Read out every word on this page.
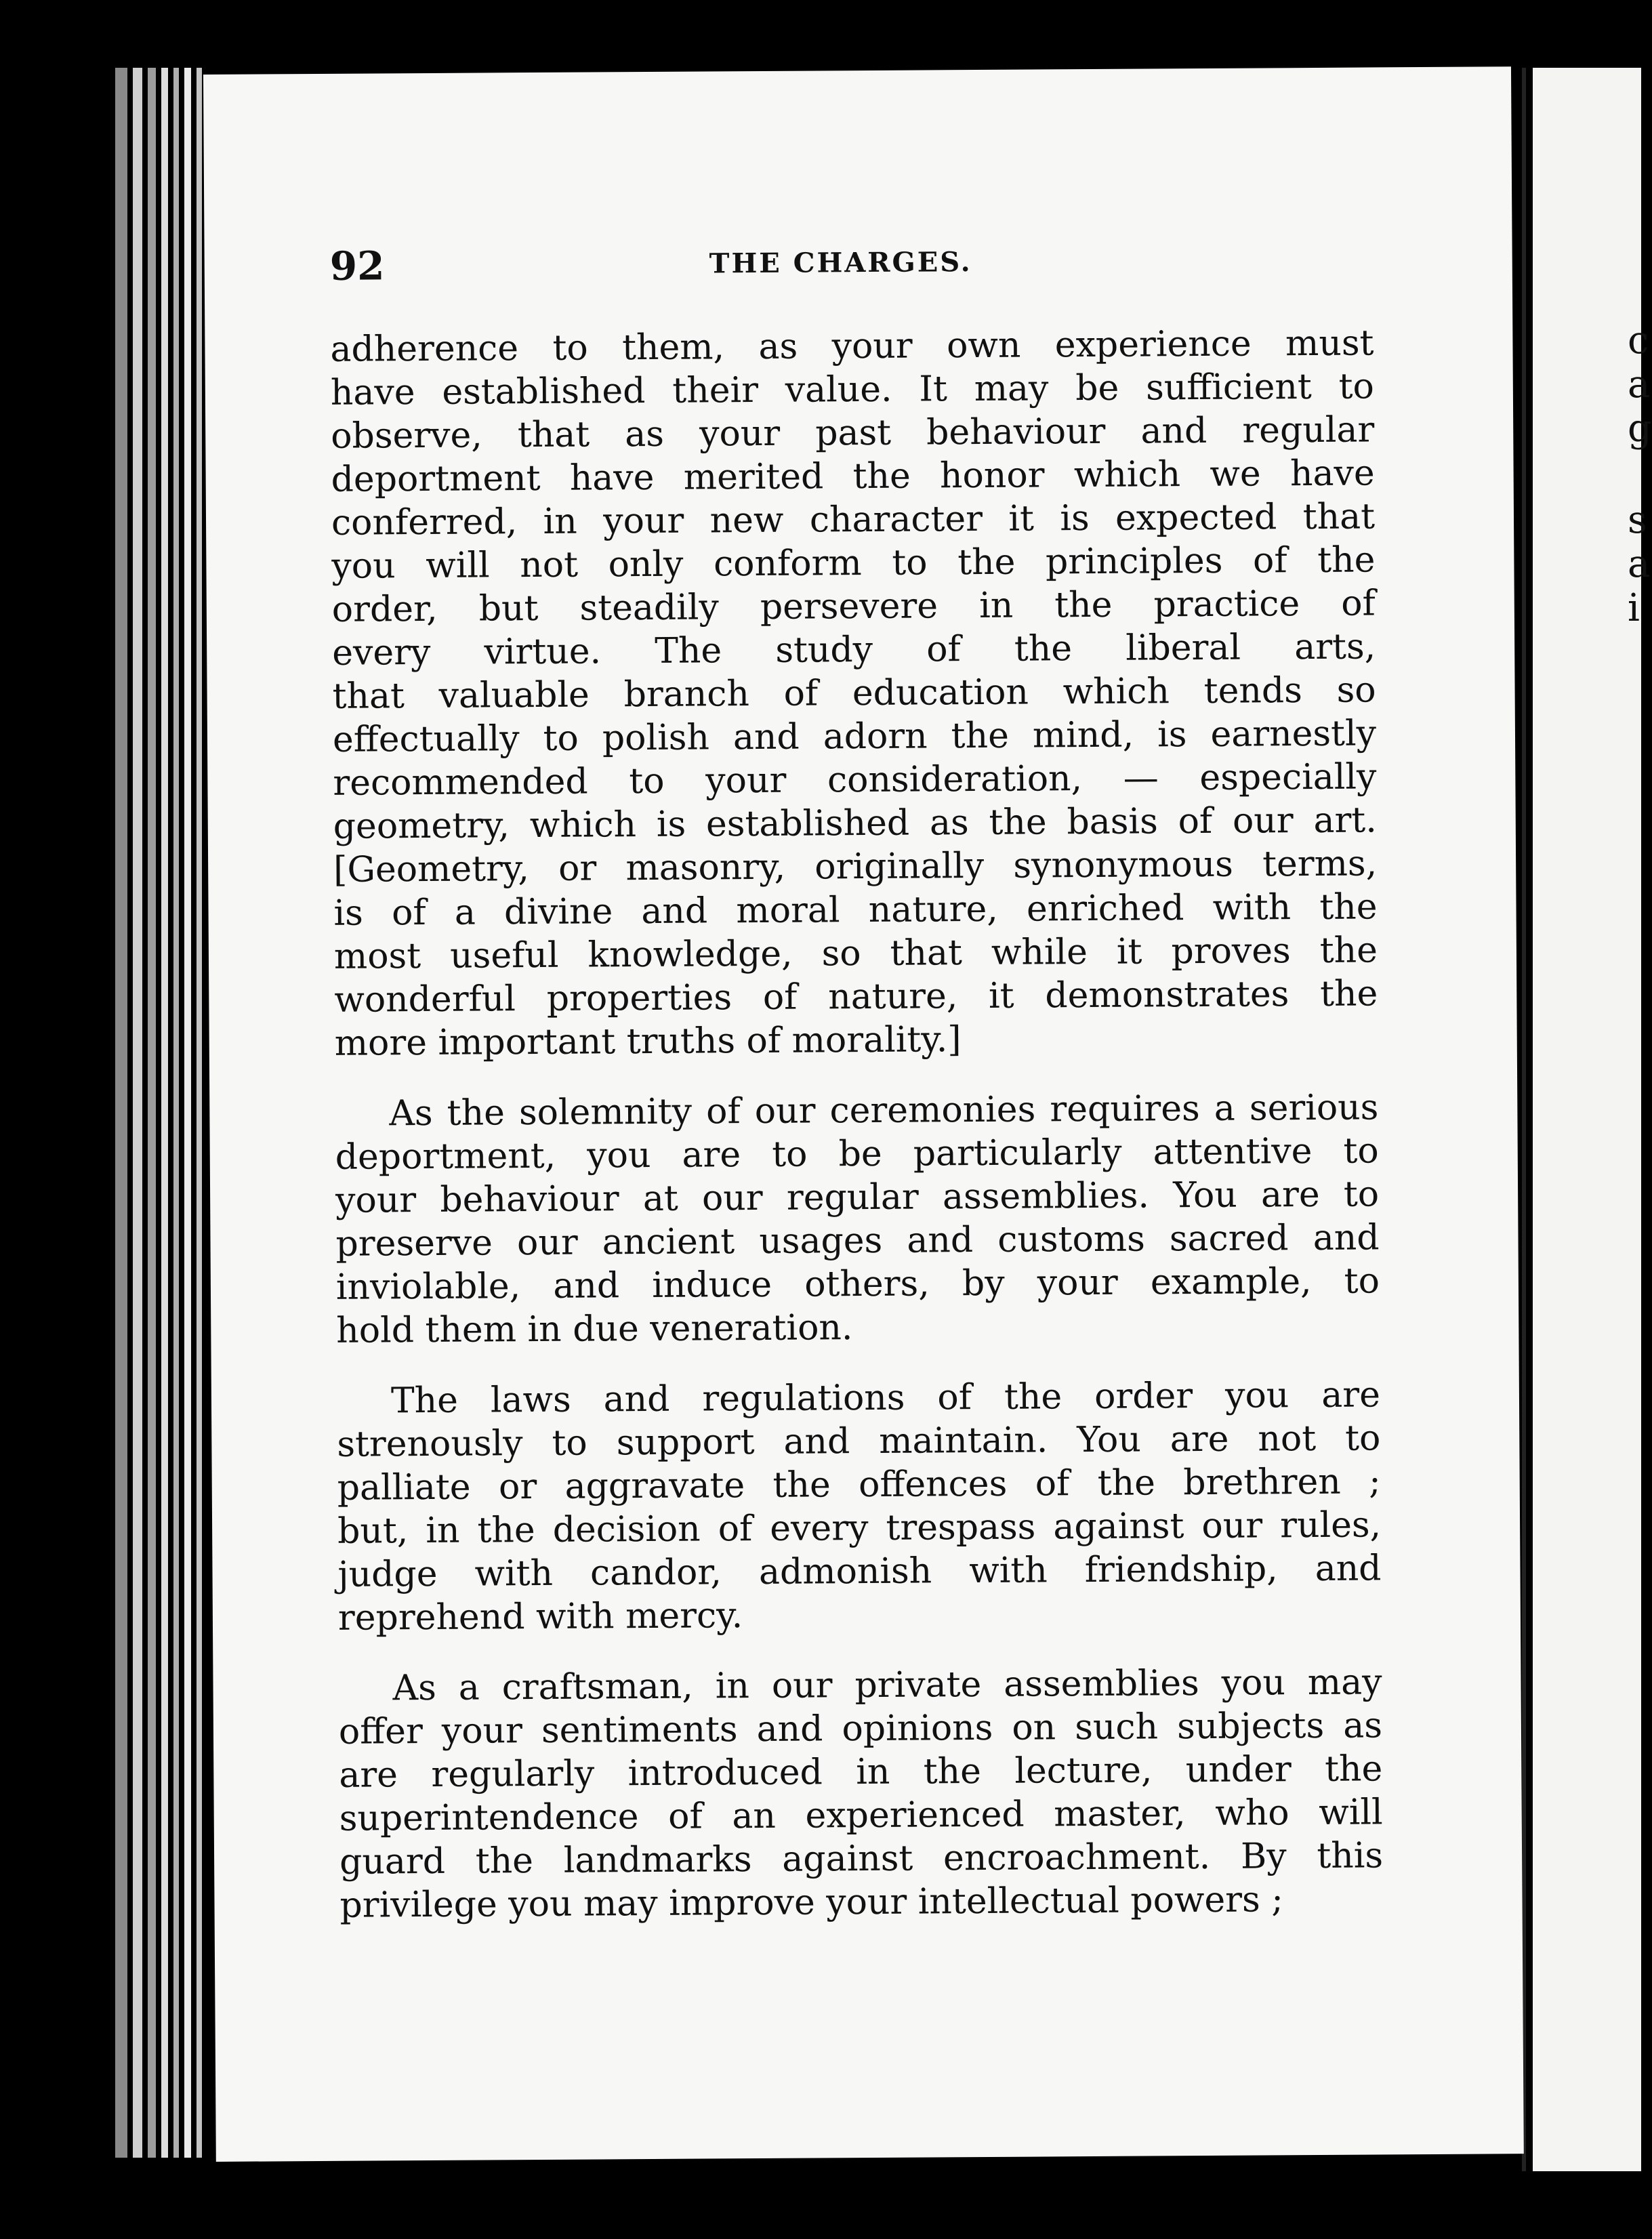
c
a
g
s
a
i
92	THE CHARGES.
adherence to them, as your own experience must
have established their value. It may be sufficient to
observe, that as your past behaviour and regular
deportment have merited the honor which we have
conferred, in your new character it is expected that
you will not only conform to the principles of the
order, but steadily persevere in the practice of
every virtue. The study of the liberal arts,
that valuable branch of education which tends so
effectually to polish and adorn the mind, is earnestly
recommended to your consideration, — especially
geometry, which is established as the basis of our art.
[Geometry, or masonry, originally synonymous terms,
is of a divine and moral nature, enriched with the
most useful knowledge, so that while it proves the
wonderful properties of nature, it demonstrates the
more important truths of morality.]
As the solemnity of our ceremonies requires a serious
deportment, you are to be particularly attentive to
your behaviour at our regular assemblies. You are to
preserve our ancient usages and customs sacred and
inviolable, and induce others, by your example, to
hold them in due veneration.
The laws and regulations of the order you are
strenously to support and maintain. You are not to
palliate or aggravate the offences of the brethren ;
but, in the decision of every trespass against our rules,
judge with candor, admonish with friendship, and
reprehend with mercy.
As a craftsman, in our private assemblies you may
offer your sentiments and opinions on such subjects as
are regularly introduced in the lecture, under the
superintendence of an experienced master, who will
guard the landmarks against encroachment. By this
privilege you may improve your intellectual powers ;
